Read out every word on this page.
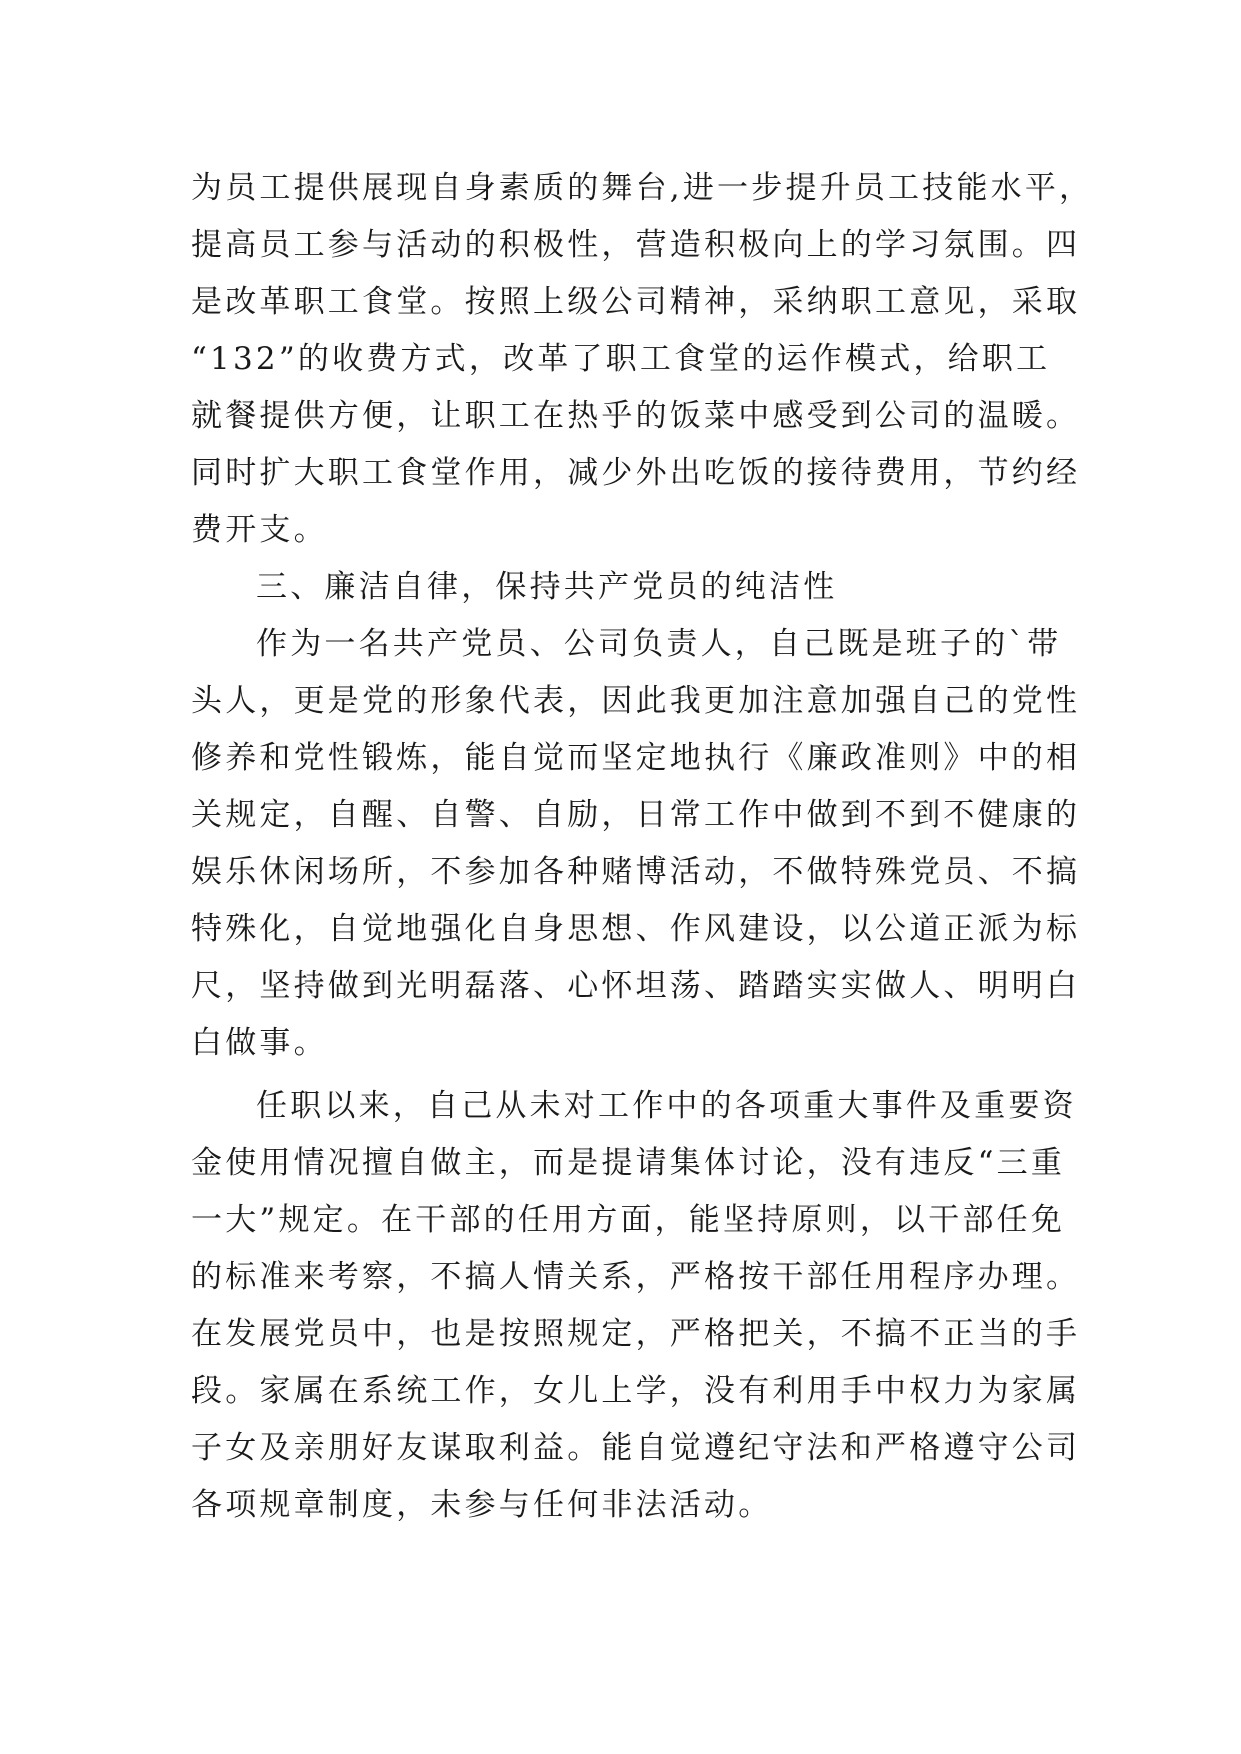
为员工提供展现自身素质的舞台,进一步提升员工技能水平，
提高员工参与活动的积极性，营造积极向上的学习氛围。四
是改革职工食堂。按照上级公司精神，采纳职工意见，采取
“132”的收费方式，改革了职工食堂的运作模式，给职工
就餐提供方便，让职工在热乎的饭菜中感受到公司的温暖。
同时扩大职工食堂作用，减少外出吃饭的接待费用，节约经
费开支。
三、廉洁自律，保持共产党员的纯洁性
作为一名共产党员、公司负责人，自己既是班子的`带
头人，更是党的形象代表，因此我更加注意加强自己的党性
修养和党性锻炼，能自觉而坚定地执行《廉政准则》中的相
关规定，自醒、自警、自励，日常工作中做到不到不健康的
娱乐休闲场所，不参加各种赌博活动，不做特殊党员、不搞
特殊化，自觉地强化自身思想、作风建设，以公道正派为标
尺，坚持做到光明磊落、心怀坦荡、踏踏实实做人、明明白
白做事。
任职以来，自己从未对工作中的各项重大事件及重要资
金使用情况擅自做主，而是提请集体讨论，没有违反“三重
一大”规定。在干部的任用方面，能坚持原则，以干部任免
的标准来考察，不搞人情关系，严格按干部任用程序办理。
在发展党员中，也是按照规定，严格把关，不搞不正当的手
段。家属在系统工作，女儿上学，没有利用手中权力为家属
子女及亲朋好友谋取利益。能自觉遵纪守法和严格遵守公司
各项规章制度，未参与任何非法活动。
